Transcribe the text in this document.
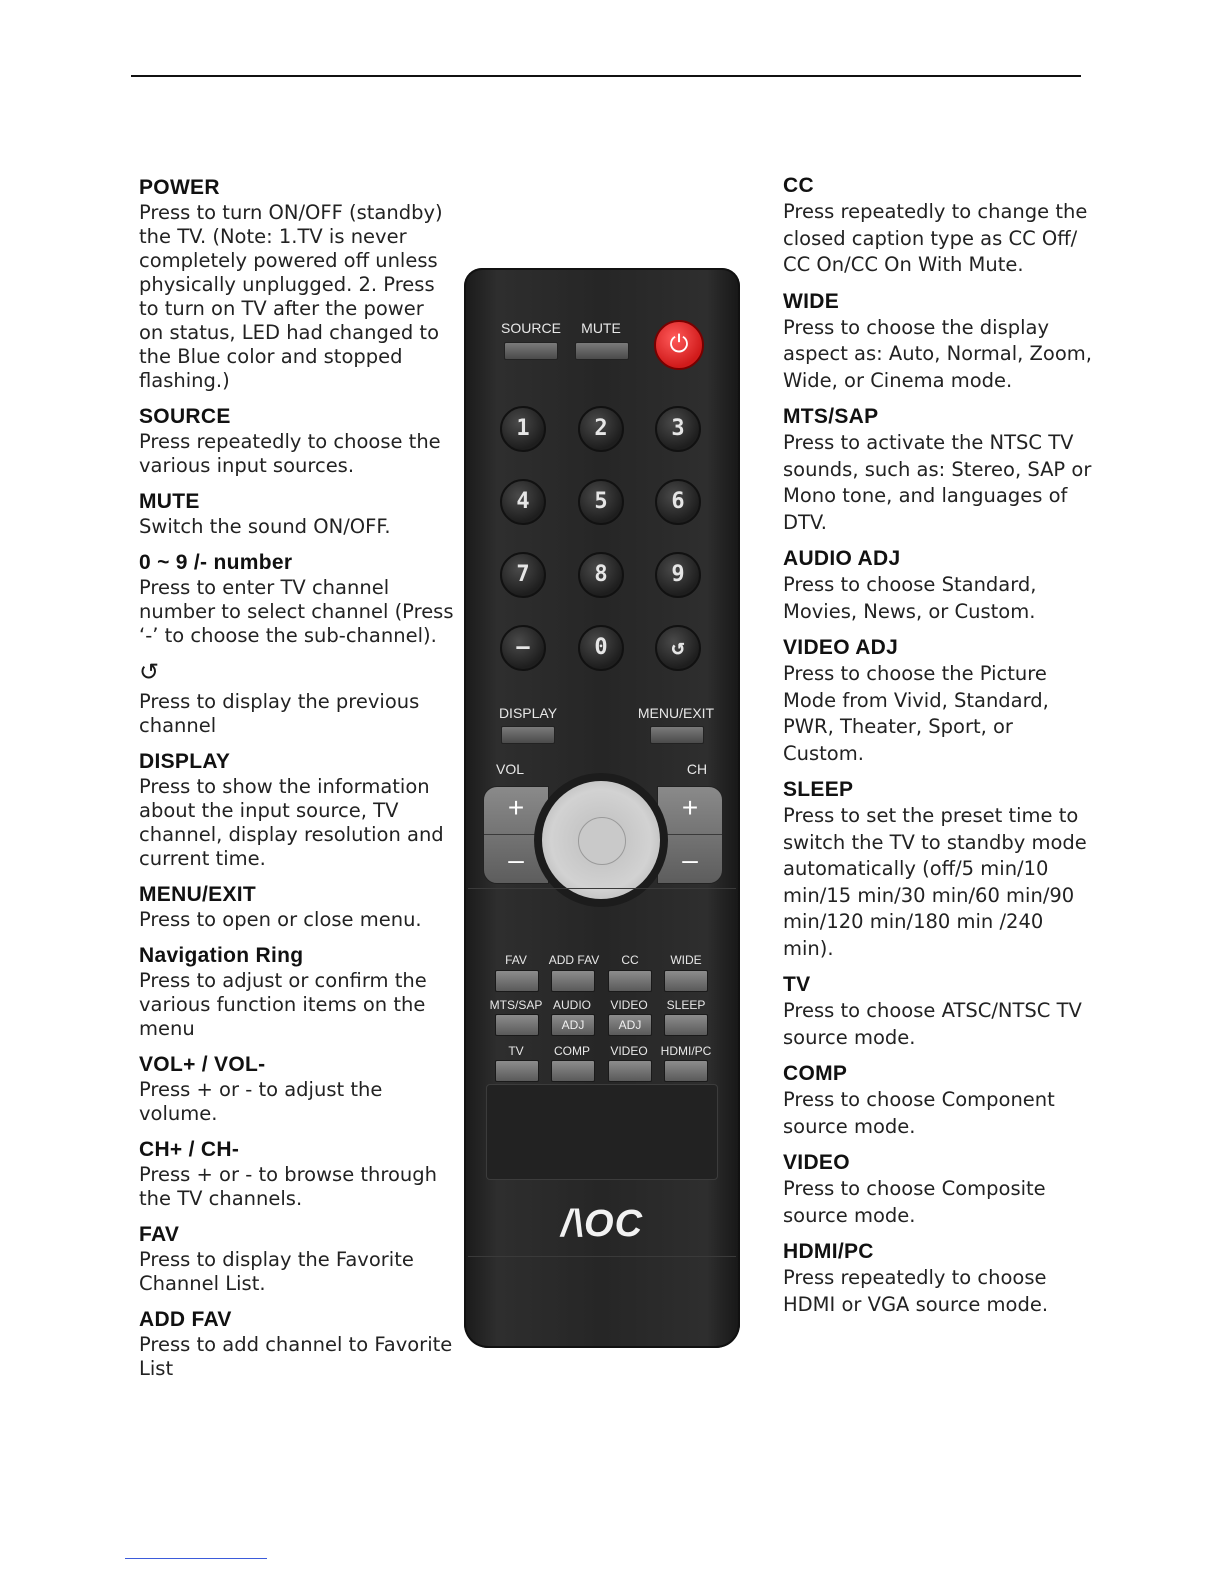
POWER

Press to turn ON/OFF (standby) the TV. (Note: 1.TV is never completely powered off unless physically unplugged. 2. Press to turn on TV after the power on status, LED had changed to the Blue color and stopped flashing.)

SOURCE

Press repeatedly to choose the various input sources.

MUTE

Switch the sound ON/OFF.

0 ~ 9 /- number

Press to enter TV channel number to select channel (Press ‘-’ to choose the sub-channel).

↺

Press to display the previous channel

DISPLAY

Press to show the information about the input source, TV channel, display resolution and current time.

MENU/EXIT

Press to open or close menu.

Navigation Ring

Press to adjust or confirm the various function items on the menu

VOL+ / VOL-

Press + or - to adjust the volume.

CH+ / CH-

Press + or - to browse through the TV channels.

FAV

Press to display the Favorite Channel List.

ADD FAV

Press to add channel to Favorite List

SOURCE MUTE
⏻
1	2	3
4	5	6
7	8	9
–	0	↺
DISPLAY	MENU/EXIT
VOL	CH
+
–
+
–
FAV ADD FAV CC	WIDE
MTS/SAP AUDIO VIDEO SLEEP
ADJ	ADJ
TV	COMP VIDEO HDMI/PC
/\OC
CC

Press repeatedly to change the closed caption type as CC Off/ CC On/CC On With Mute.

WIDE

Press to choose the display aspect as: Auto, Normal, Zoom, Wide, or Cinema mode.

MTS/SAP

Press to activate the NTSC TV sounds, such as: Stereo, SAP or Mono tone, and languages of DTV.

AUDIO ADJ

Press to choose Standard, Movies, News, or Custom.

VIDEO ADJ

Press to choose the Picture Mode from Vivid, Standard, PWR, Theater, Sport, or Custom.

SLEEP

Press to set the preset time to switch the TV to standby mode automatically (off/5 min/10 min/15 min/30 min/60 min/90 min/120 min/180 min /240 min).

TV

Press to choose ATSC/NTSC TV source mode.

COMP

Press to choose Component source mode.

VIDEO

Press to choose Composite source mode.

HDMI/PC

Press repeatedly to choose HDMI or VGA source mode.
